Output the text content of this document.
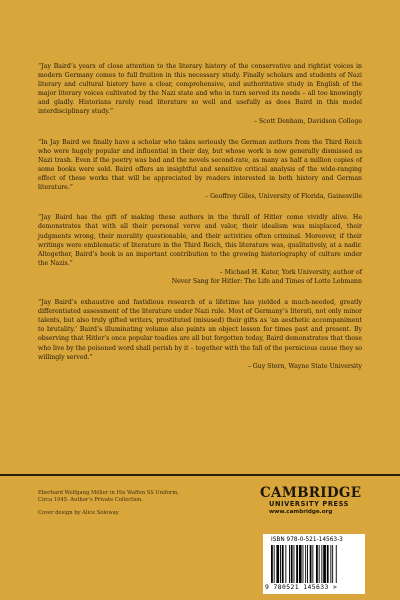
“Jay Baird’s years of close attention to the literary history of the conservative and rightist voices in modern Germany comes to full fruition in this necessary study. Finally scholars and students of Nazi literary and cultural history have a clear, comprehensive, and authoritative study in English of the major literary voices cultivated by the Nazi state and who in turn served its needs – all too knowingly and gladly. Historians rarely read literature so well and usefully as does Baird in this model interdisciplinary study.”

– Scott Denham, Davidson College

“In Jay Baird we finally have a scholar who takes seriously the German authors from the Third Reich who were hugely popular and influential in their day, but whose work is now generally dismissed as Nazi trash. Even if the poetry was bad and the novels second-rate, as many as half a million copies of some books were sold. Baird offers an insightful and sensitive critical analysis of the wide-ranging effect of these works that will be appreciated by readers interested in both history and German literature.”

– Geoffrey Giles, University of Florida, Gainesville

“Jay Baird has the gift of making these authors in the thrall of Hitler come vividly alive. He demonstrates that with all their personal verve and valor, their idealism was misplaced, their judgments wrong, their morality questionable, and their activities often criminal. Moreover, if their writings were emblematic of literature in the Third Reich, this literature was, qualitatively, at a nadir. Altogether, Baird’s book is an important contribution to the growing historiography of culture under the Nazis.”

– Michael H. Kater, York University, author of

Never Sang for Hitler: The Life and Times of Lotte Lehmann

“Jay Baird’s exhaustive and fastidious research of a lifetime has yielded a much-needed, greatly differentiated assessment of the literature under Nazi rule. Most of Germany’s literati, not only minor talents, but also truly gifted writers, prostituted (misused) their gifts as ‘an aesthetic accompaniment to brutality.’ Baird’s illuminating volume also paints an object lesson for times past and present. By observing that Hitler’s once popular toadies are all but forgotten today, Baird demonstrates that those who live by the poisoned word shall perish by it – together with the fall of the pernicious cause they so willingly served.”

– Guy Stern, Wayne State University

Eberhard Wolfgang Möller in His Waffen SS Uniform,
Circa 1945. Author’s Private Collection.
Cover design by Alice Soloway
CAMBRIDGE
UNIVERSITY PRESS
www.cambridge.org
ISBN 978-0-521-14563-3
9 780521 145633 >
